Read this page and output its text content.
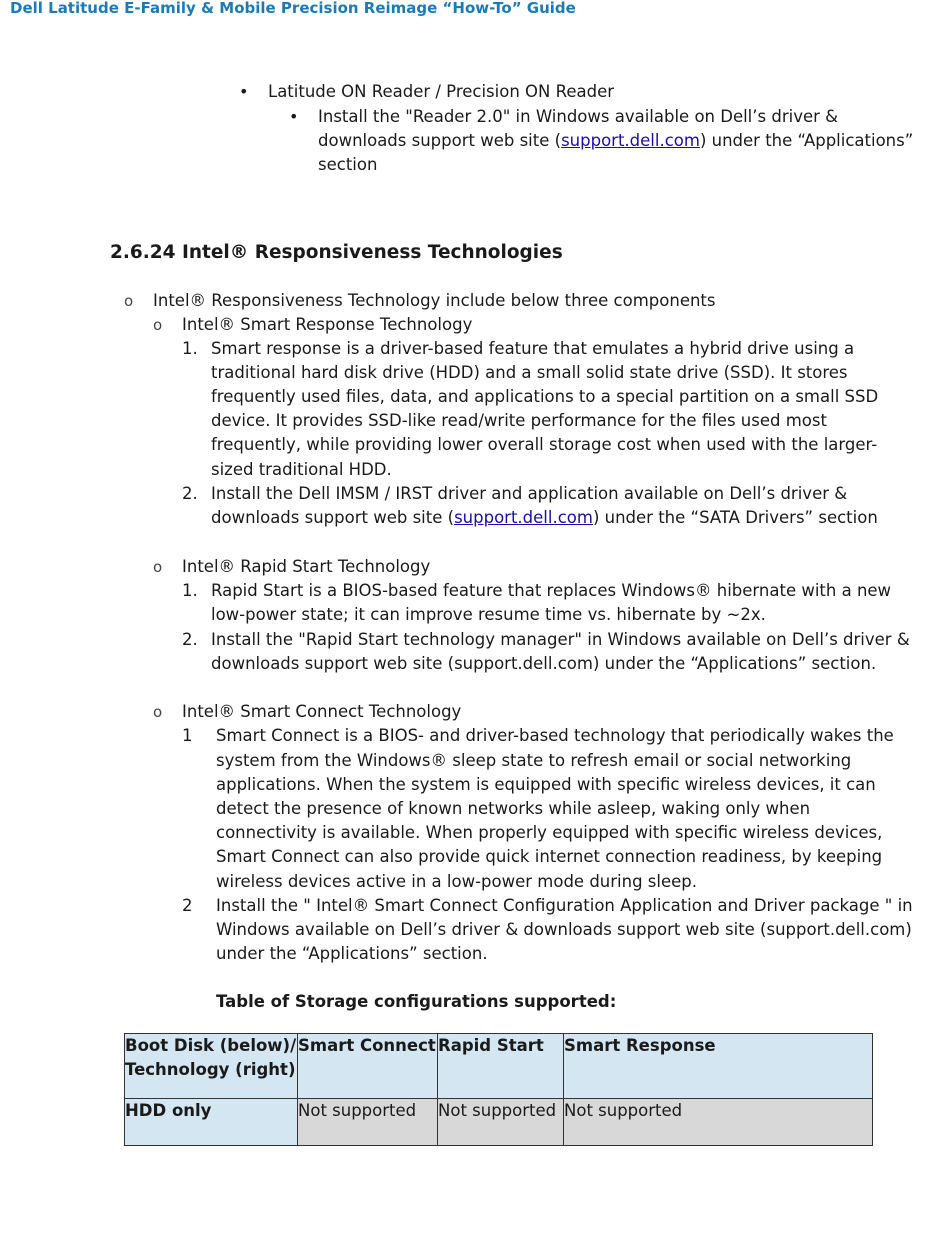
Dell Latitude E-Family & Mobile Precision Reimage “How-To” Guide
• Latitude ON Reader / Precision ON Reader
• Install the "Reader 2.0" in Windows available on Dell’s driver &
downloads support web site (support.dell.com) under the “Applications”
section
2.6.24 Intel® Responsiveness Technologies
o Intel® Responsiveness Technology include below three components
o Intel® Smart Response Technology
1. Smart response is a driver-based feature that emulates a hybrid drive using a
traditional hard disk drive (HDD) and a small solid state drive (SSD). It stores
frequently used files, data, and applications to a special partition on a small SSD
device. It provides SSD-like read/write performance for the files used most
frequently, while providing lower overall storage cost when used with the larger-
sized traditional HDD.
2. Install the Dell IMSM / IRST driver and application available on Dell’s driver &
downloads support web site (support.dell.com) under the “SATA Drivers” section
o Intel® Rapid Start Technology
1. Rapid Start is a BIOS-based feature that replaces Windows® hibernate with a new
low-power state; it can improve resume time vs. hibernate by ~2x.
2. Install the "Rapid Start technology manager" in Windows available on Dell’s driver &
downloads support web site (support.dell.com) under the “Applications” section.
o Intel® Smart Connect Technology
1 Smart Connect is a BIOS- and driver-based technology that periodically wakes the
system from the Windows® sleep state to refresh email or social networking
applications. When the system is equipped with specific wireless devices, it can
detect the presence of known networks while asleep, waking only when
connectivity is available. When properly equipped with specific wireless devices,
Smart Connect can also provide quick internet connection readiness, by keeping
wireless devices active in a low-power mode during sleep.
2 Install the " Intel® Smart Connect Configuration Application and Driver package " in
Windows available on Dell’s driver & downloads support web site (support.dell.com)
under the “Applications” section.
Table of Storage configurations supported:
Boot Disk (below)/
Technology (right)	Smart Connect	Rapid Start	Smart Response
HDD only	Not supported	Not supported	Not supported
